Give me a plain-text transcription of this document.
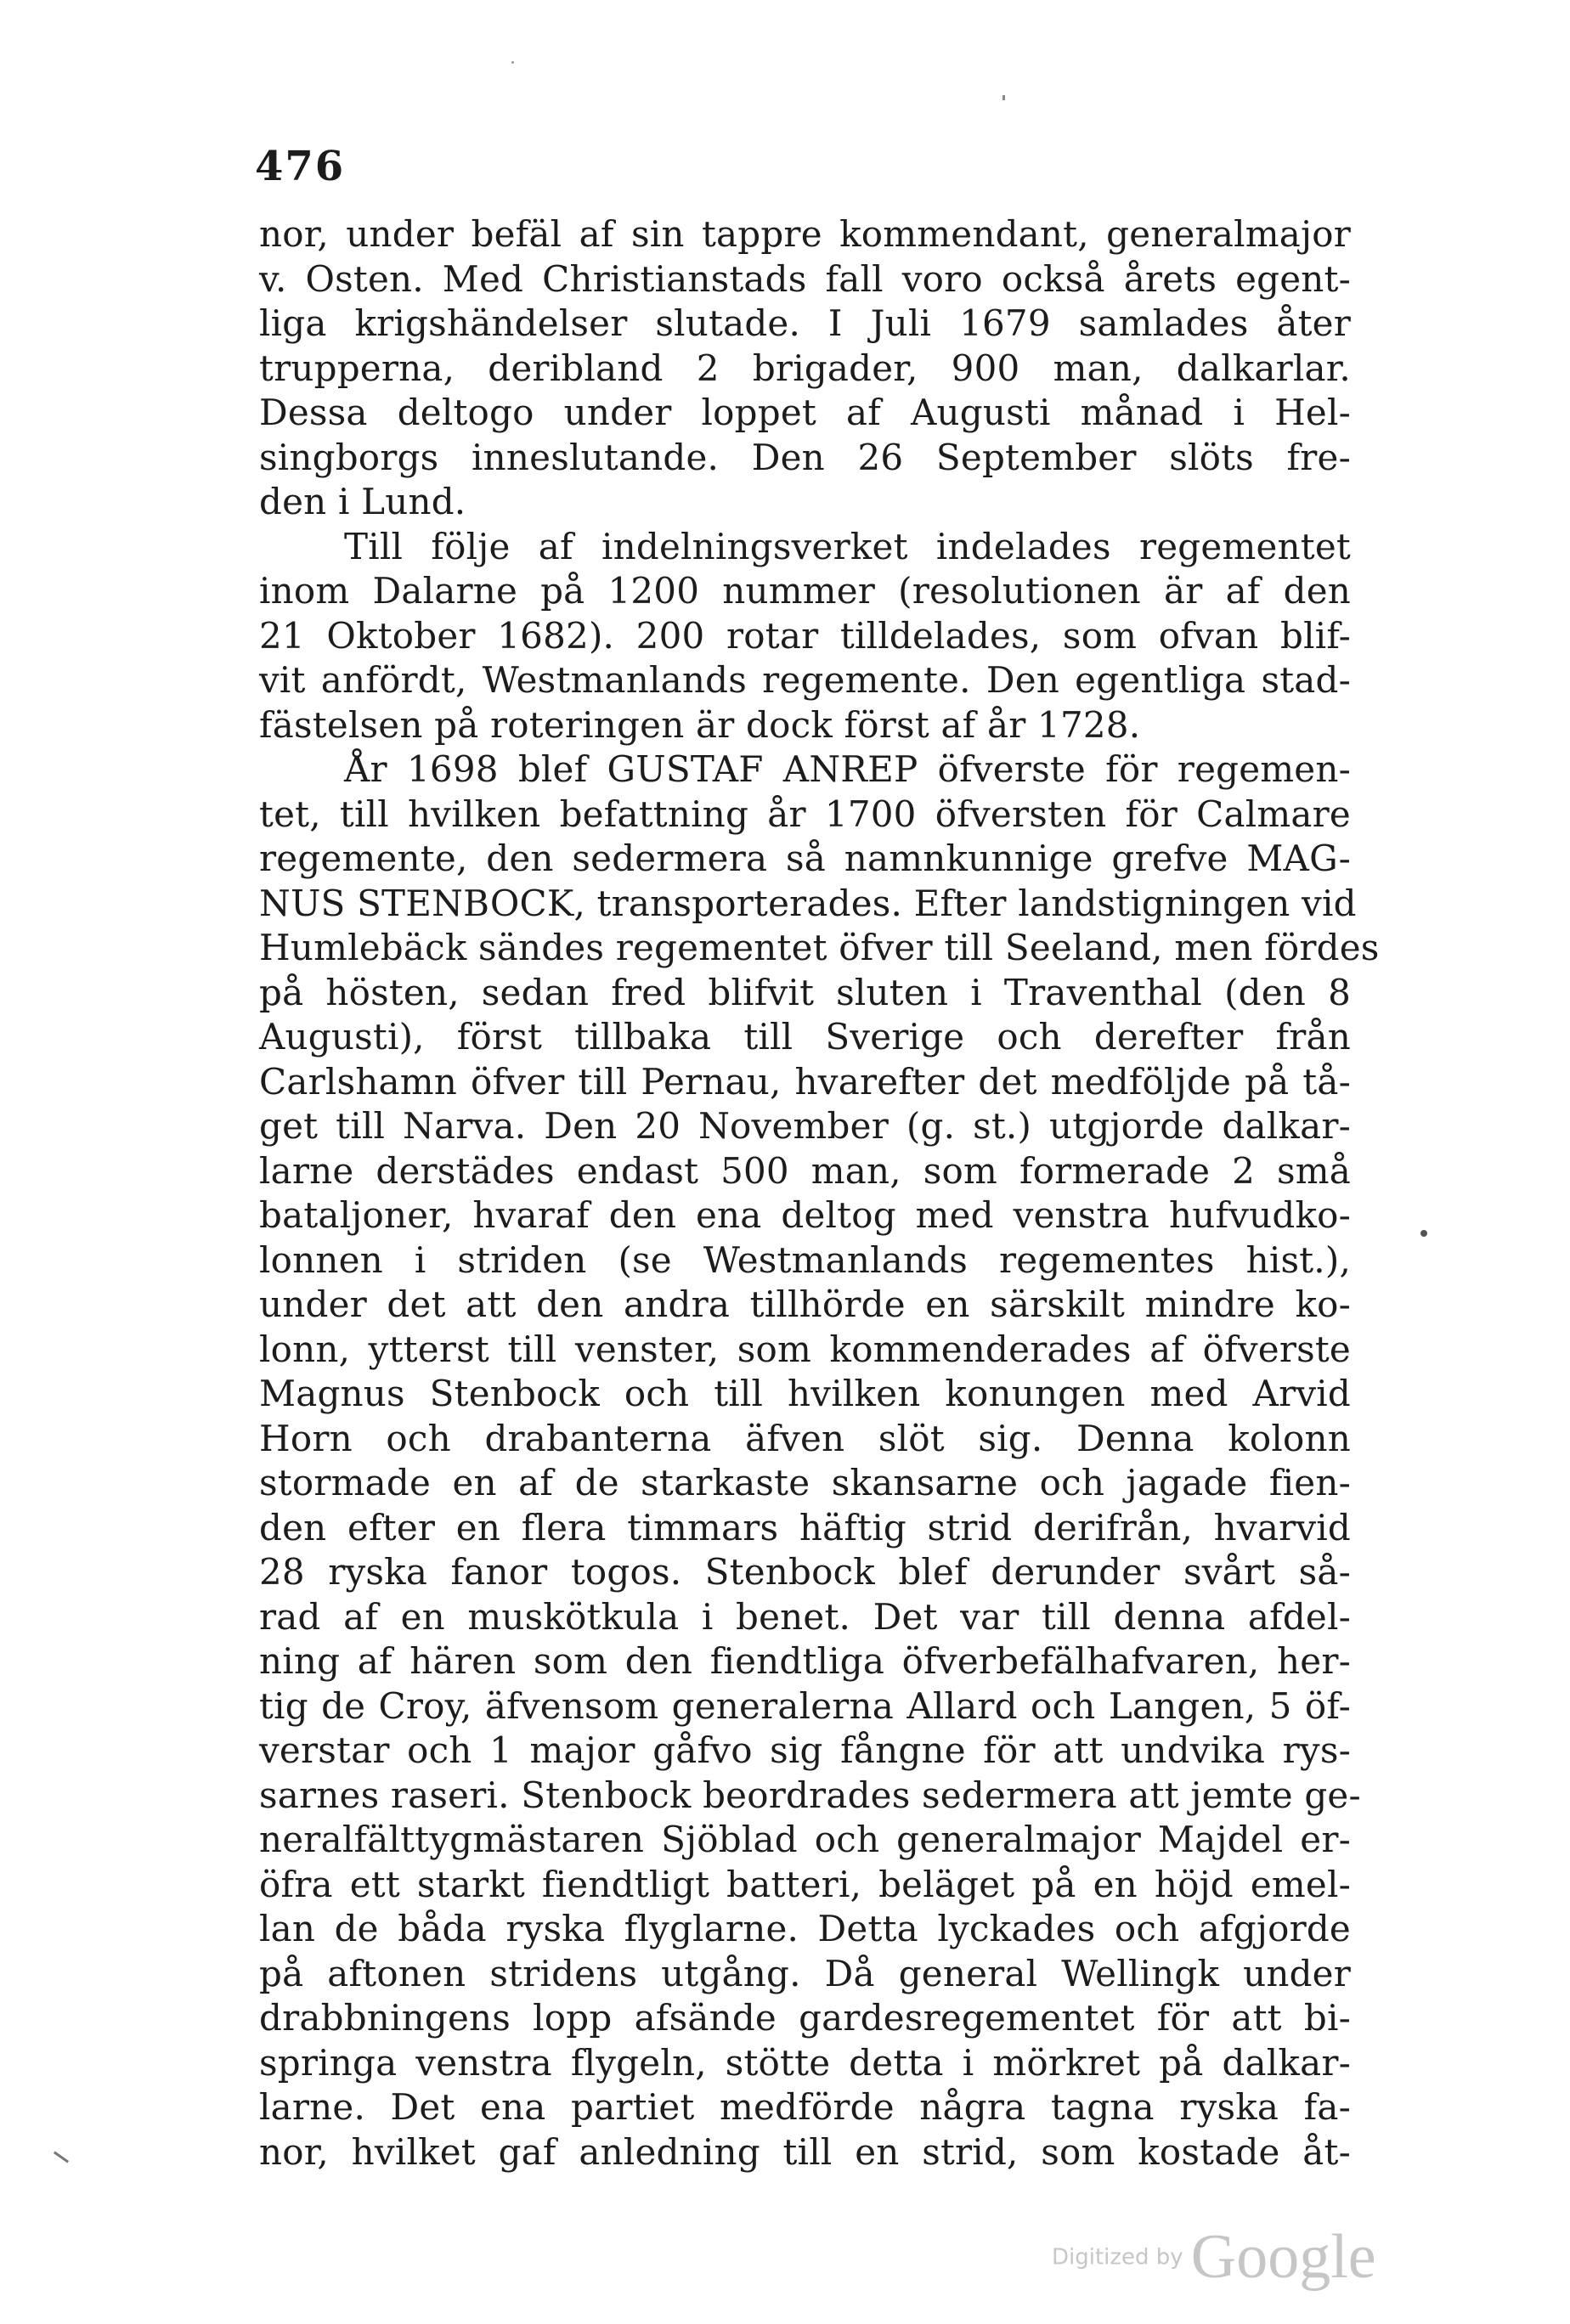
476
nor, under befäl af sin tappre kommendant, generalmajor
v. Osten. Med Christianstads fall voro också årets egent-
liga krigshändelser slutade. I Juli 1679 samlades åter
trupperna, deribland 2 brigader, 900 man, dalkarlar.
Dessa deltogo under loppet af Augusti månad i Hel-
singborgs inneslutande. Den 26 September slöts fre-
den i Lund.
Till följe af indelningsverket indelades regementet
inom Dalarne på 1200 nummer (resolutionen är af den
21 Oktober 1682). 200 rotar tilldelades, som ofvan blif-
vit anfördt, Westmanlands regemente. Den egentliga stad-
fästelsen på roteringen är dock först af år 1728.
År 1698 blef GUSTAF ANREP öfverste för regemen-
tet, till hvilken befattning år 1700 öfversten för Calmare
regemente, den sedermera så namnkunnige grefve MAG-
NUS STENBOCK, transporterades. Efter landstigningen vid
Humlebäck sändes regementet öfver till Seeland, men fördes
på hösten, sedan fred blifvit sluten i Traventhal (den 8
Augusti), först tillbaka till Sverige och derefter från
Carlshamn öfver till Pernau, hvarefter det medföljde på tå-
get till Narva. Den 20 November (g. st.) utgjorde dalkar-
larne derstädes endast 500 man, som formerade 2 små
bataljoner, hvaraf den ena deltog med venstra hufvudko-
lonnen i striden (se Westmanlands regementes hist.),
under det att den andra tillhörde en särskilt mindre ko-
lonn, ytterst till venster, som kommenderades af öfverste
Magnus Stenbock och till hvilken konungen med Arvid
Horn och drabanterna äfven slöt sig. Denna kolonn
stormade en af de starkaste skansarne och jagade fien-
den efter en flera timmars häftig strid derifrån, hvarvid
28 ryska fanor togos. Stenbock blef derunder svårt så-
rad af en muskötkula i benet. Det var till denna afdel-
ning af hären som den fiendtliga öfverbefälhafvaren, her-
tig de Croy, äfvensom generalerna Allard och Langen, 5 öf-
verstar och 1 major gåfvo sig fångne för att undvika rys-
sarnes raseri. Stenbock beordrades sedermera att jemte ge-
neralfälttygmästaren Sjöblad och generalmajor Majdel er-
öfra ett starkt fiendtligt batteri, beläget på en höjd emel-
lan de båda ryska flyglarne. Detta lyckades och afgjorde
på aftonen stridens utgång. Då general Wellingk under
drabbningens lopp afsände gardesregementet för att bi-
springa venstra flygeln, stötte detta i mörkret på dalkar-
larne. Det ena partiet medförde några tagna ryska fa-
nor, hvilket gaf anledning till en strid, som kostade åt-
Digitized by Google
